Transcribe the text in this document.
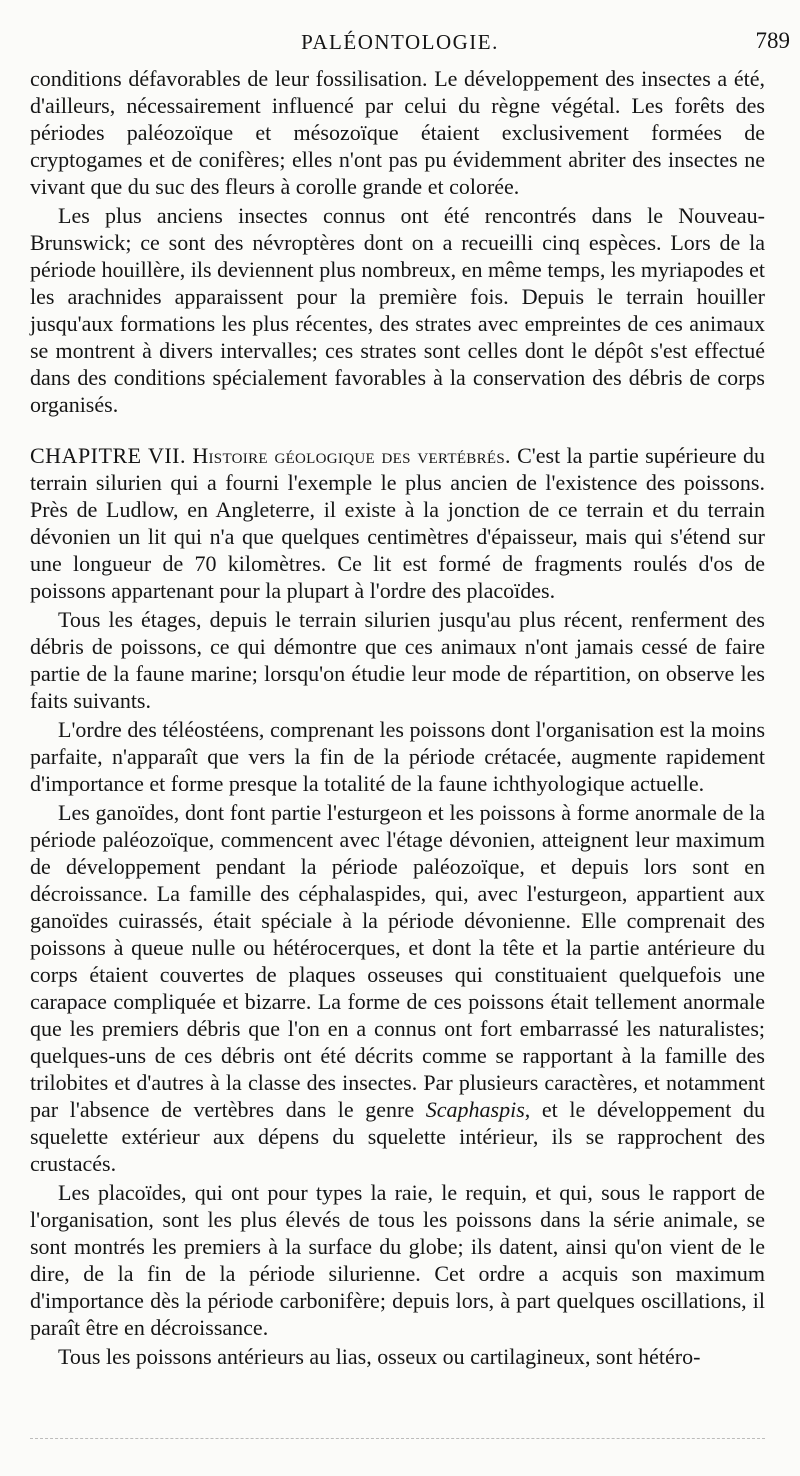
PALÉONTOLOGIE.	789

conditions défavorables de leur fossilisation. Le développement des insectes a été, d'ailleurs, nécessairement influencé par celui du règne végétal. Les forêts des périodes paléozoïque et mésozoïque étaient exclusivement formées de cryptogames et de conifères; elles n'ont pas pu évidemment abriter des insectes ne vivant que du suc des fleurs à corolle grande et colorée.

Les plus anciens insectes connus ont été rencontrés dans le Nouveau-Brunswick; ce sont des névroptères dont on a recueilli cinq espèces. Lors de la période houillère, ils deviennent plus nombreux, en même temps, les myriapodes et les arachnides apparaissent pour la première fois. Depuis le terrain houiller jusqu'aux formations les plus récentes, des strates avec empreintes de ces animaux se montrent à divers intervalles; ces strates sont celles dont le dépôt s'est effectué dans des conditions spécialement favorables à la conservation des débris de corps organisés.

CHAPITRE VII. Histoire géologique des vertébrés. C'est la partie supérieure du terrain silurien qui a fourni l'exemple le plus ancien de l'existence des poissons. Près de Ludlow, en Angleterre, il existe à la jonction de ce terrain et du terrain dévonien un lit qui n'a que quelques centimètres d'épaisseur, mais qui s'étend sur une longueur de 70 kilomètres. Ce lit est formé de fragments roulés d'os de poissons appartenant pour la plupart à l'ordre des placoïdes.

Tous les étages, depuis le terrain silurien jusqu'au plus récent, renferment des débris de poissons, ce qui démontre que ces animaux n'ont jamais cessé de faire partie de la faune marine; lorsqu'on étudie leur mode de répartition, on observe les faits suivants.

L'ordre des téléostéens, comprenant les poissons dont l'organisation est la moins parfaite, n'apparaît que vers la fin de la période crétacée, augmente rapidement d'importance et forme presque la totalité de la faune ichthyologique actuelle.

Les ganoïdes, dont font partie l'esturgeon et les poissons à forme anormale de la période paléozoïque, commencent avec l'étage dévonien, atteignent leur maximum de développement pendant la période paléozoïque, et depuis lors sont en décroissance. La famille des céphalaspides, qui, avec l'esturgeon, appartient aux ganoïdes cuirassés, était spéciale à la période dévonienne. Elle comprenait des poissons à queue nulle ou hétérocerques, et dont la tête et la partie antérieure du corps étaient couvertes de plaques osseuses qui constituaient quelquefois une carapace compliquée et bizarre. La forme de ces poissons était tellement anormale que les premiers débris que l'on en a connus ont fort embarrassé les naturalistes; quelques-uns de ces débris ont été décrits comme se rapportant à la famille des trilobites et d'autres à la classe des insectes. Par plusieurs caractères, et notamment par l'absence de vertèbres dans le genre Scaphaspis, et le développement du squelette extérieur aux dépens du squelette intérieur, ils se rapprochent des crustacés.

Les placoïdes, qui ont pour types la raie, le requin, et qui, sous le rapport de l'organisation, sont les plus élevés de tous les poissons dans la série animale, se sont montrés les premiers à la surface du globe; ils datent, ainsi qu'on vient de le dire, de la fin de la période silurienne. Cet ordre a acquis son maximum d'importance dès la période carbonifère; depuis lors, à part quelques oscillations, il paraît être en décroissance.

Tous les poissons antérieurs au lias, osseux ou cartilagineux, sont hétéro-
